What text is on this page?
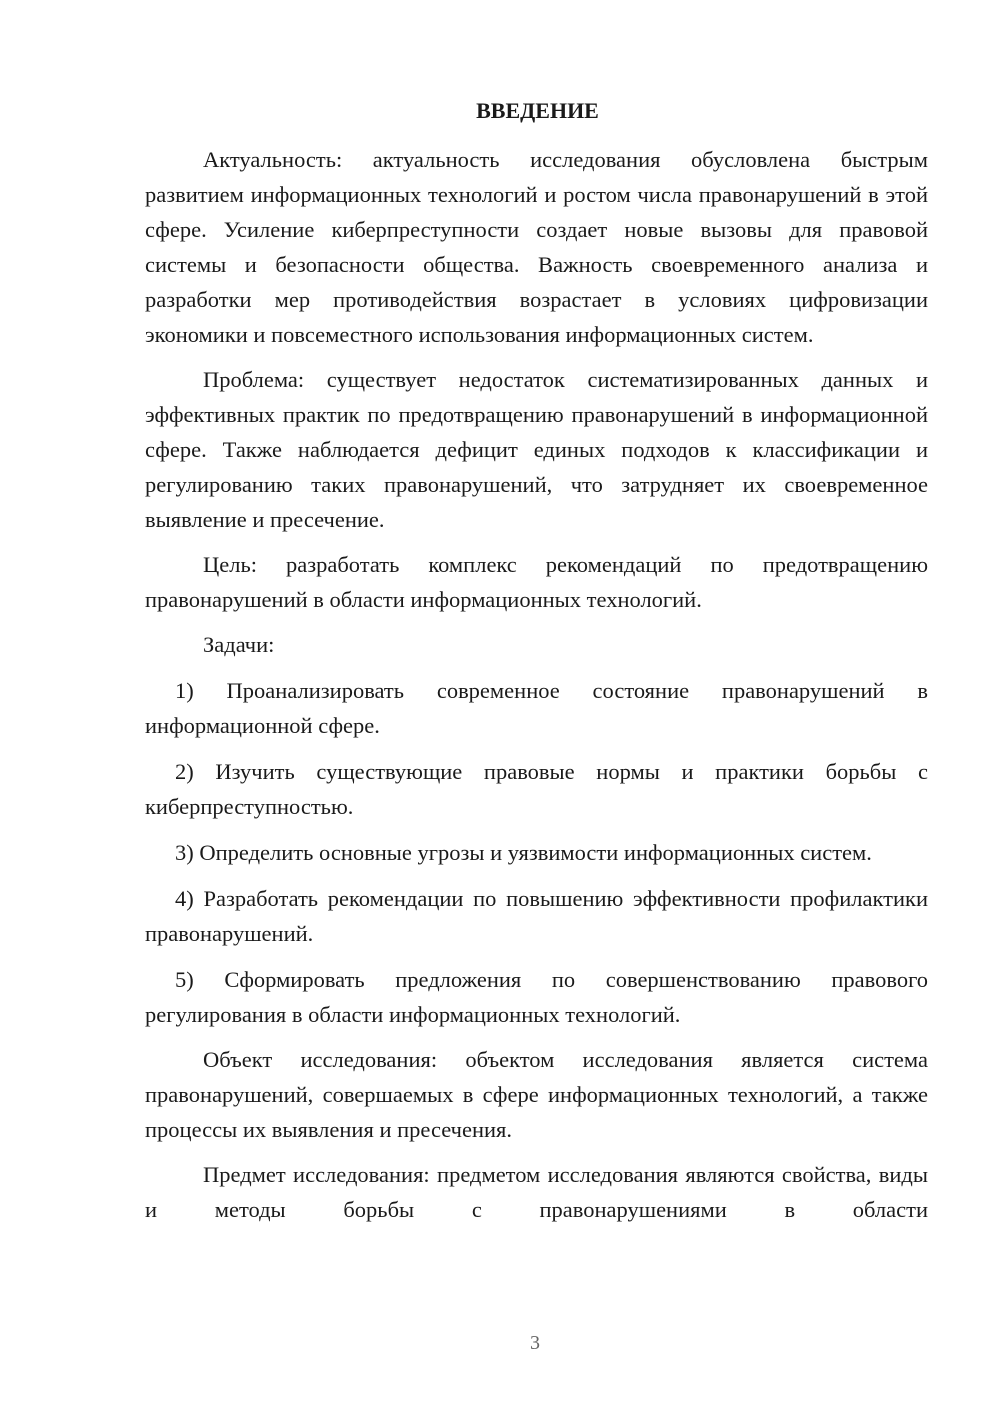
ВВЕДЕНИЕ

Актуальность: актуальность исследования обусловлена быстрым развитием информационных технологий и ростом числа правонарушений в этой сфере. Усиление киберпреступности создает новые вызовы для правовой системы и безопасности общества. Важность своевременного анализа и разработки мер противодействия возрастает в условиях цифровизации экономики и повсеместного использования информационных систем.

Проблема: существует недостаток систематизированных данных и эффективных практик по предотвращению правонарушений в информационной сфере. Также наблюдается дефицит единых подходов к классификации и регулированию таких правонарушений, что затрудняет их своевременное выявление и пресечение.

Цель: разработать комплекс рекомендаций по предотвращению правонарушений в области информационных технологий.

Задачи:

1) Проанализировать современное состояние правонарушений в информационной сфере.

2) Изучить существующие правовые нормы и практики борьбы с киберпреступностью.

3) Определить основные угрозы и уязвимости информационных систем.

4) Разработать рекомендации по повышению эффективности профилактики правонарушений.

5) Сформировать предложения по совершенствованию правового регулирования в области информационных технологий.

Объект исследования: объектом исследования является система правонарушений, совершаемых в сфере информационных технологий, а также процессы их выявления и пресечения.

Предмет исследования: предметом исследования являются свойства, виды и методы борьбы с правонарушениями в области

3
